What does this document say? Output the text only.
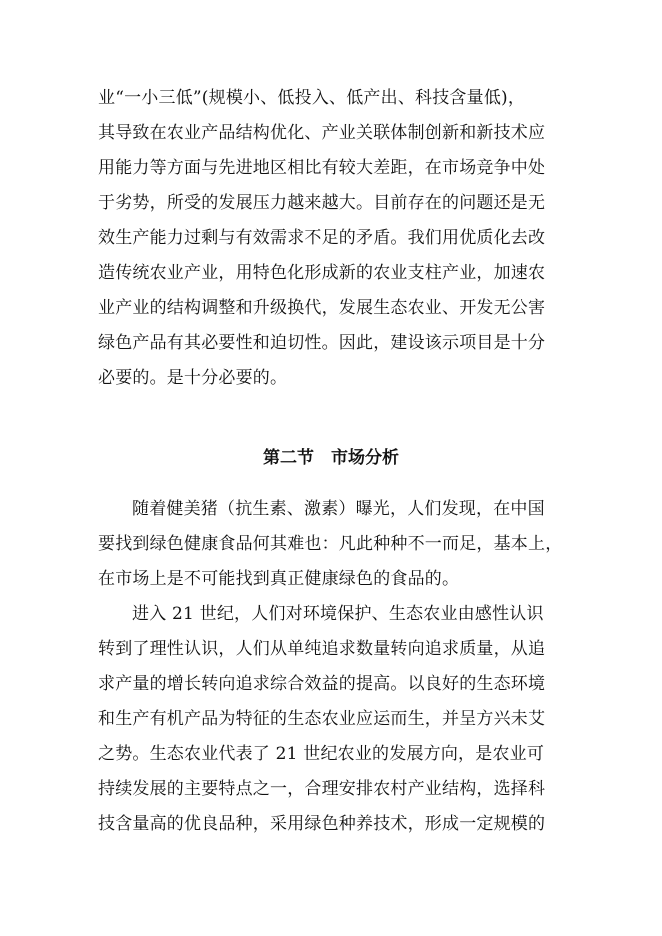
业“一小三低”(规模小、低投入、低产出、科技含量低)，
其导致在农业产品结构优化、产业关联体制创新和新技术应
用能力等方面与先进地区相比有较大差距，在市场竞争中处
于劣势，所受的发展压力越来越大。目前存在的问题还是无
效生产能力过剩与有效需求不足的矛盾。我们用优质化去改
造传统农业产业，用特色化形成新的农业支柱产业，加速农
业产业的结构调整和升级换代，发展生态农业、开发无公害
绿色产品有其必要性和迫切性。因此，建设该示项目是十分
必要的。是十分必要的。
第二节　市场分析
随着健美猪（抗生素、激素）曝光，人们发现，在中国
要找到绿色健康食品何其难也：凡此种种不一而足，基本上，
在市场上是不可能找到真正健康绿色的食品的。
进入 21 世纪，人们对环境保护、生态农业由感性认识
转到了理性认识，人们从单纯追求数量转向追求质量，从追
求产量的增长转向追求综合效益的提高。以良好的生态环境
和生产有机产品为特征的生态农业应运而生，并呈方兴未艾
之势。生态农业代表了 21 世纪农业的发展方向，是农业可
持续发展的主要特点之一，合理安排农村产业结构，选择科
技含量高的优良品种，采用绿色种养技术，形成一定规模的
